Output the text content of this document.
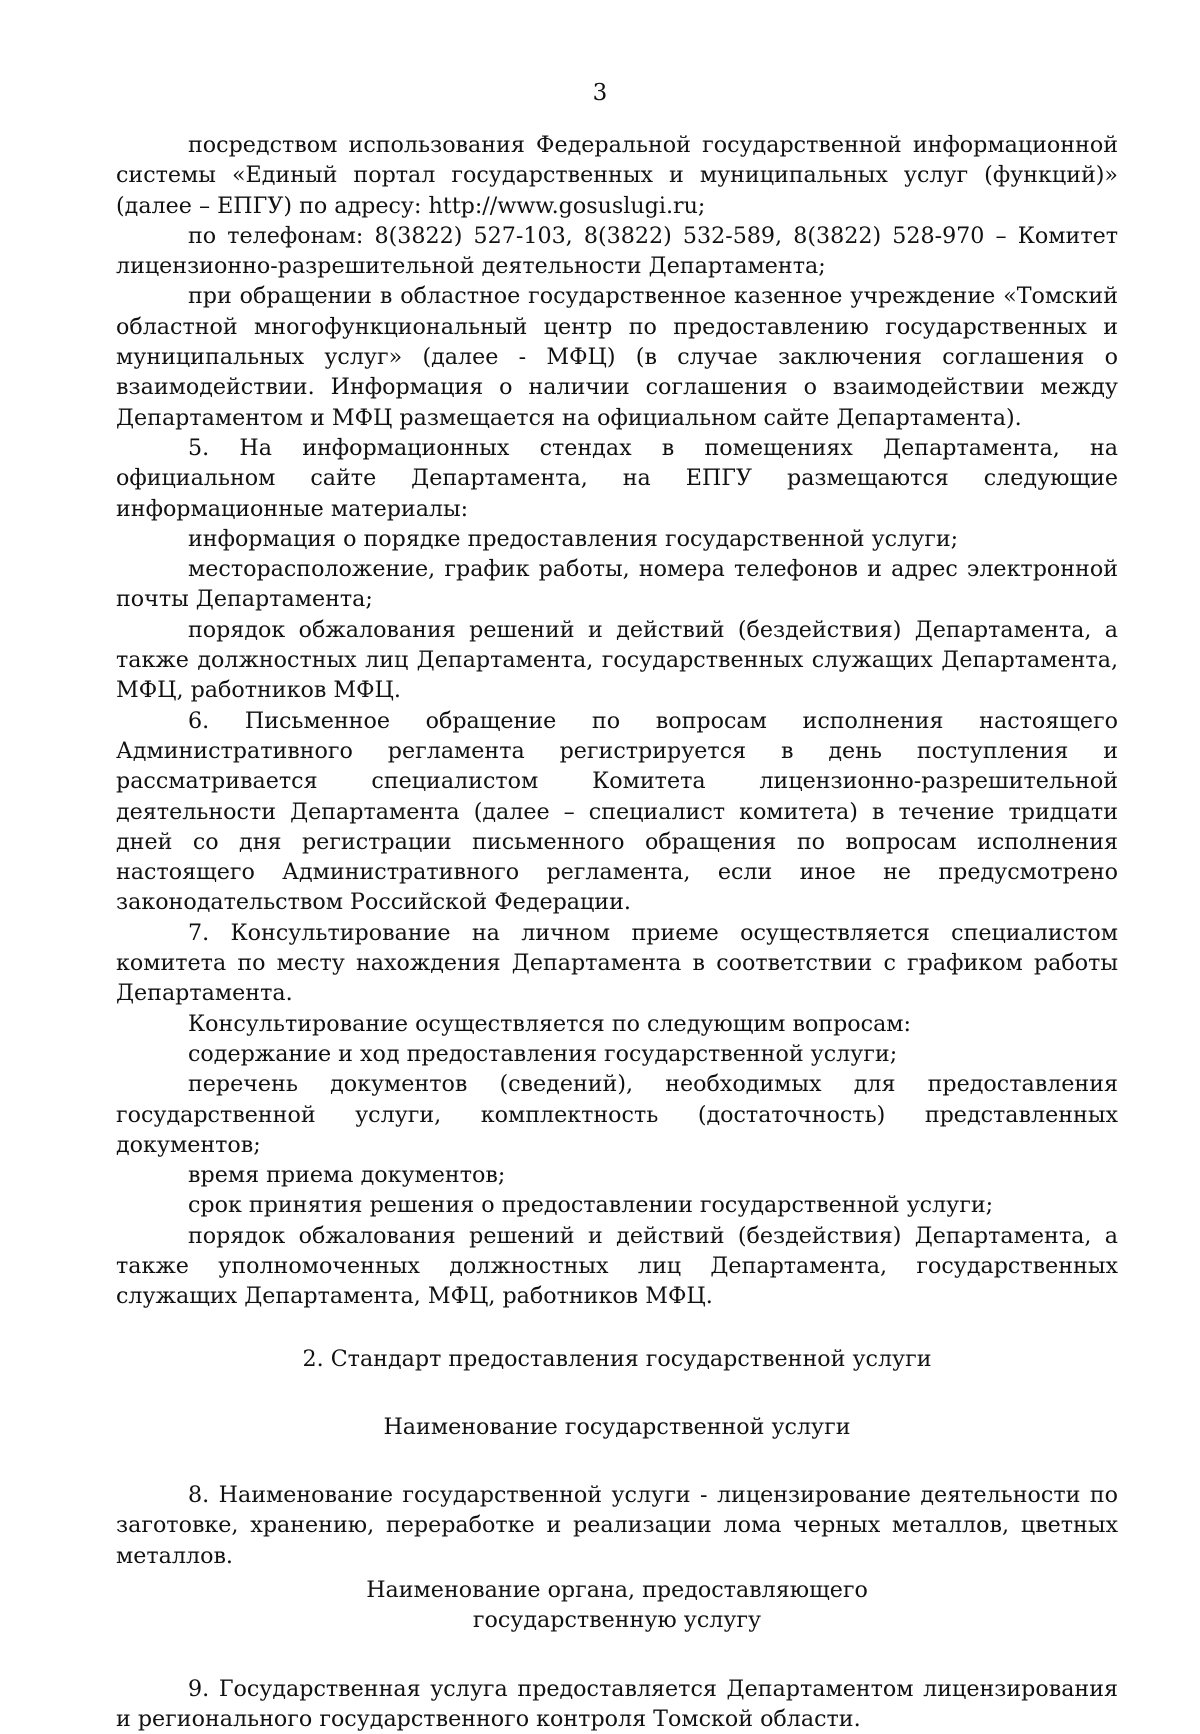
3

посредством использования Федеральной государственной информационной системы «Единый портал государственных и муниципальных услуг (функций)» (далее – ЕПГУ) по адресу: http://www.gosuslugi.ru;

по телефонам: 8(3822) 527-103, 8(3822) 532-589, 8(3822) 528-970 – Комитет лицензионно-разрешительной деятельности Департамента;

при обращении в областное государственное казенное учреждение «Томский областной многофункциональный центр по предоставлению государственных и муниципальных услуг» (далее - МФЦ) (в случае заключения соглашения о взаимодействии. Информация о наличии соглашения о взаимодействии между Департаментом и МФЦ размещается на официальном сайте Департамента).

5. На информационных стендах в помещениях Департамента, на официальном сайте Департамента, на ЕПГУ размещаются следующие информационные материалы:

информация о порядке предоставления государственной услуги;

месторасположение, график работы, номера телефонов и адрес электронной почты Департамента;

порядок обжалования решений и действий (бездействия) Департамента, а также должностных лиц Департамента, государственных служащих Департамента, МФЦ, работников МФЦ.

6. Письменное обращение по вопросам исполнения настоящего Административного регламента регистрируется в день поступления и рассматривается специалистом Комитета лицензионно-разрешительной деятельности Департамента (далее – специалист комитета) в течение тридцати дней со дня регистрации письменного обращения по вопросам исполнения настоящего Административного регламента, если иное не предусмотрено законодательством Российской Федерации.

7. Консультирование на личном приеме осуществляется специалистом комитета по месту нахождения Департамента в соответствии с графиком работы Департамента.

Консультирование осуществляется по следующим вопросам:

содержание и ход предоставления государственной услуги;

перечень документов (сведений), необходимых для предоставления государственной услуги, комплектность (достаточность) представленных документов;

время приема документов;

срок принятия решения о предоставлении государственной услуги;

порядок обжалования решений и действий (бездействия) Департамента, а также уполномоченных должностных лиц Департамента, государственных служащих Департамента, МФЦ, работников МФЦ.

2. Стандарт предоставления государственной услуги

Наименование государственной услуги

8. Наименование государственной услуги - лицензирование деятельности по заготовке, хранению, переработке и реализации лома черных металлов, цветных металлов.

Наименование органа, предоставляющего

государственную услугу

9. Государственная услуга предоставляется Департаментом лицензирования и регионального государственного контроля Томской области.
